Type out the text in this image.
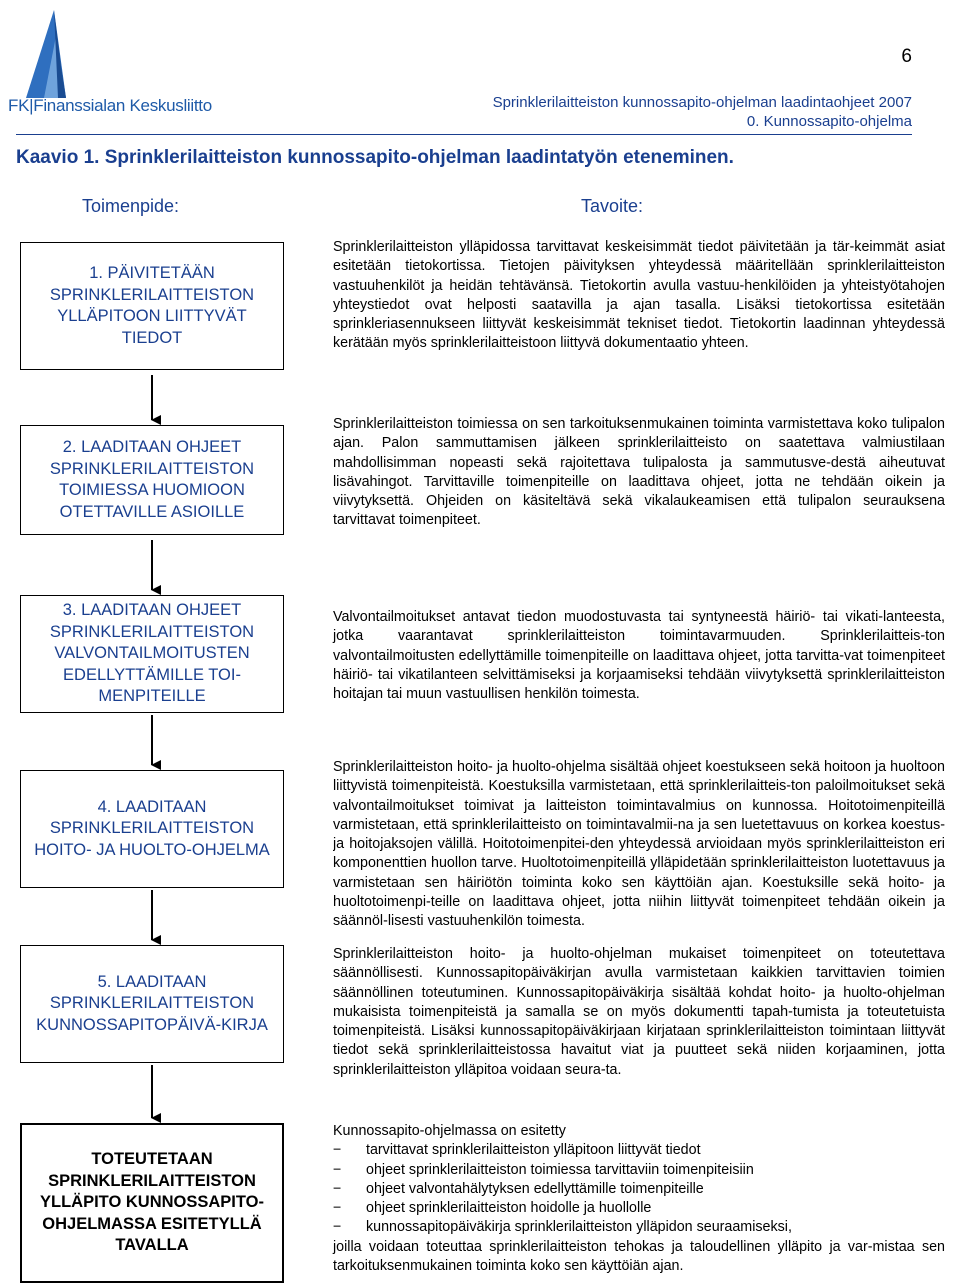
FK|Finanssialan Keskusliitto
6
Sprinklerilaitteiston kunnossapito-ohjelman laadintaohjeet 2007
0. Kunnossapito-ohjelma
Kaavio 1. Sprinklerilaitteiston kunnossapito-ohjelman laadintatyön eteneminen.
Toimenpide:	Tavoite:
1. PÄIVITETÄÄN SPRINKLERILAITTEISTON YLLÄPITOON LIITTYVÄT TIEDOT
2. LAADITAAN OHJEET SPRINKLERILAITTEISTON TOIMIESSA HUOMIOON OTETTAVILLE ASIOILLE
3. LAADITAAN OHJEET SPRINKLERILAITTEISTON VALVONTAILMOITUSTEN EDELLYTTÄMILLE TOI-MENPITEILLE
4. LAADITAAN SPRINKLERILAITTEISTON HOITO- JA HUOLTO-OHJELMA
5. LAADITAAN SPRINKLERILAITTEISTON KUNNOSSAPITOPÄIVÄ-KIRJA
TOTEUTETAAN SPRINKLERILAITTEISTON YLLÄPITO KUNNOSSAPITO-OHJELMASSA ESITETYLLÄ TAVALLA

Sprinklerilaitteiston ylläpidossa tarvittavat keskeisimmät tiedot päivitetään ja tär-keimmät asiat esitetään tietokortissa. Tietojen päivityksen yhteydessä määritellään sprinklerilaitteiston vastuuhenkilöt ja heidän tehtävänsä. Tietokortin avulla vastuu-henkilöiden ja yhteistyötahojen yhteystiedot ovat helposti saatavilla ja ajan tasalla. Lisäksi tietokortissa esitetään sprinkleriasennukseen liittyvät keskeisimmät tekniset tiedot. Tietokortin laadinnan yhteydessä kerätään myös sprinklerilaitteistoon liittyvä dokumentaatio yhteen.

Sprinklerilaitteiston toimiessa on sen tarkoituksenmukainen toiminta varmistettava koko tulipalon ajan. Palon sammuttamisen jälkeen sprinklerilaitteisto on saatettava valmiustilaan mahdollisimman nopeasti sekä rajoitettava tulipalosta ja sammutusve-destä aiheutuvat lisävahingot. Tarvittaville toimenpiteille on laadittava ohjeet, jotta ne tehdään oikein ja viivytyksettä. Ohjeiden on käsiteltävä sekä vikalaukeamisen että tulipalon seurauksena tarvittavat toimenpiteet.

Valvontailmoitukset antavat tiedon muodostuvasta tai syntyneestä häiriö- tai vikati-lanteesta, jotka vaarantavat sprinklerilaitteiston toimintavarmuuden. Sprinklerilaitteis-ton valvontailmoitusten edellyttämille toimenpiteille on laadittava ohjeet, jotta tarvitta-vat toimenpiteet häiriö- tai vikatilanteen selvittämiseksi ja korjaamiseksi tehdään viivytyksettä sprinklerilaitteiston hoitajan tai muun vastuullisen henkilön toimesta.

Sprinklerilaitteiston hoito- ja huolto-ohjelma sisältää ohjeet koestukseen sekä hoitoon ja huoltoon liittyvistä toimenpiteistä. Koestuksilla varmistetaan, että sprinklerilaitteis-ton paloilmoitukset sekä valvontailmoitukset toimivat ja laitteiston toimintavalmius on kunnossa. Hoitotoimenpiteillä varmistetaan, että sprinklerilaitteisto on toimintavalmii-na ja sen luetettavuus on korkea koestus- ja hoitojaksojen välillä. Hoitotoimenpitei-den yhteydessä arvioidaan myös sprinklerilaitteiston eri komponenttien huollon tarve. Huoltotoimenpiteillä ylläpidetään sprinklerilaitteiston luotettavuus ja varmistetaan sen häiriötön toiminta koko sen käyttöiän ajan. Koestuksille sekä hoito- ja huoltotoimenpi-teille on laadittava ohjeet, jotta niihin liittyvät toimenpiteet tehdään oikein ja säännöl-lisesti vastuuhenkilön toimesta.

Sprinklerilaitteiston hoito- ja huolto-ohjelman mukaiset toimenpiteet on toteutettava säännöllisesti. Kunnossapitopäiväkirjan avulla varmistetaan kaikkien tarvittavien toimien säännöllinen toteutuminen. Kunnossapitopäiväkirja sisältää kohdat hoito- ja huolto-ohjelman mukaisista toimenpiteistä ja samalla se on myös dokumentti tapah-tumista ja toteutetuista toimenpiteistä. Lisäksi kunnossapitopäiväkirjaan kirjataan sprinklerilaitteiston toimintaan liittyvät tiedot sekä sprinklerilaitteistossa havaitut viat ja puutteet sekä niiden korjaaminen, jotta sprinklerilaitteiston ylläpitoa voidaan seura-ta.

Kunnossapito-ohjelmassa on esitetty

− tarvittavat sprinklerilaitteiston ylläpitoon liittyvät tiedot
− ohjeet sprinklerilaitteiston toimiessa tarvittaviin toimenpiteisiin
− ohjeet valvontahälytyksen edellyttämille toimenpiteille
− ohjeet sprinklerilaitteiston hoidolle ja huollolle
− kunnossapitopäiväkirja sprinklerilaitteiston ylläpidon seuraamiseksi,

joilla voidaan toteuttaa sprinklerilaitteiston tehokas ja taloudellinen ylläpito ja var-mistaa sen tarkoituksenmukainen toiminta koko sen käyttöiän ajan.
